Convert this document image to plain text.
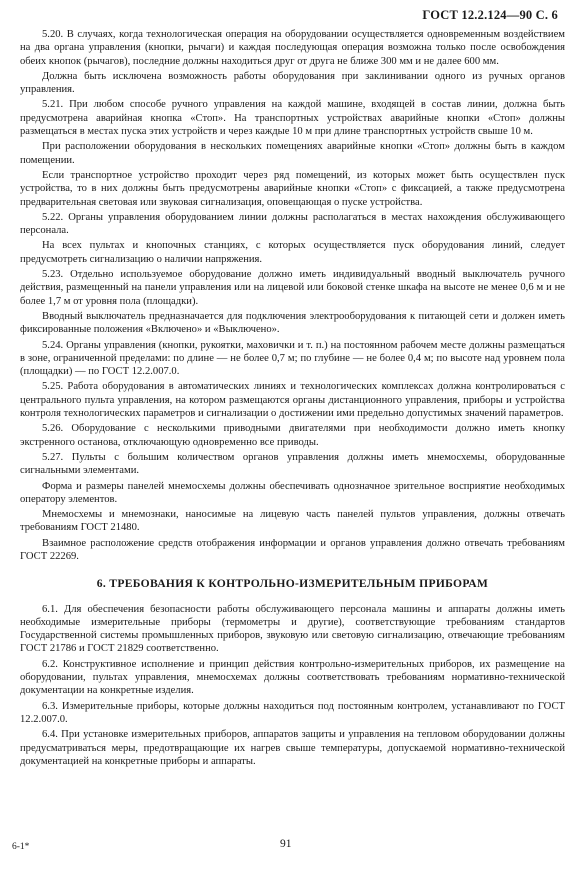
ГОСТ 12.2.124—90 С. 6

5.20. В случаях, когда технологическая операция на оборудовании осуществляется одновременным воздействием на два органа управления (кнопки, рычаги) и каждая последующая операция возможна только после освобождения обеих кнопок (рычагов), последние должны находиться друг от друга не ближе 300 мм и не далее 600 мм.

Должна быть исключена возможность работы оборудования при заклинивании одного из ручных органов управления.

5.21. При любом способе ручного управления на каждой машине, входящей в состав линии, должна быть предусмотрена аварийная кнопка «Стоп». На транспортных устройствах аварийные кнопки «Стоп» должны размещаться в местах пуска этих устройств и через каждые 10 м при длине транспортных устройств свыше 10 м.

При расположении оборудования в нескольких помещениях аварийные кнопки «Стоп» должны быть в каждом помещении.

Если транспортное устройство проходит через ряд помещений, из которых может быть осуществлен пуск устройства, то в них должны быть предусмотрены аварийные кнопки «Стоп» с фиксацией, а также предусмотрена предварительная световая или звуковая сигнализация, оповещающая о пуске устройства.

5.22. Органы управления оборудованием линии должны располагаться в местах нахождения обслуживающего персонала.

На всех пультах и кнопочных станциях, с которых осуществляется пуск оборудования линий, следует предусмотреть сигнализацию о наличии напряжения.

5.23. Отдельно используемое оборудование должно иметь индивидуальный вводный выключатель ручного действия, размещенный на панели управления или на лицевой или боковой стенке шкафа на высоте не менее 0,6 м и не более 1,7 м от уровня пола (площадки).

Вводный выключатель предназначается для подключения электрооборудования к питающей сети и должен иметь фиксированные положения «Включено» и «Выключено».

5.24. Органы управления (кнопки, рукоятки, маховички и т. п.) на постоянном рабочем месте должны размещаться в зоне, ограниченной пределами: по длине — не более 0,7 м; по глубине — не более 0,4 м; по высоте над уровнем пола (площадки) — по ГОСТ 12.2.007.0.

5.25. Работа оборудования в автоматических линиях и технологических комплексах должна контролироваться с центрального пульта управления, на котором размещаются органы дистанционного управления, приборы и устройства контроля технологических параметров и сигнализации о достижении ими предельно допустимых значений параметров.

5.26. Оборудование с несколькими приводными двигателями при необходимости должно иметь кнопку экстренного останова, отключающую одновременно все приводы.

5.27. Пульты с большим количеством органов управления должны иметь мнемосхемы, оборудованные сигнальными элементами.

Форма и размеры панелей мнемосхемы должны обеспечивать однозначное зрительное восприятие необходимых оператору элементов.

Мнемосхемы и мнемознаки, наносимые на лицевую часть панелей пультов управления, должны отвечать требованиям ГОСТ 21480.

Взаимное расположение средств отображения информации и органов управления должно отвечать требованиям ГОСТ 22269.

6. ТРЕБОВАНИЯ К КОНТРОЛЬНО-ИЗМЕРИТЕЛЬНЫМ ПРИБОРАМ

6.1. Для обеспечения безопасности работы обслуживающего персонала машины и аппараты должны иметь необходимые измерительные приборы (термометры и другие), соответствующие требованиям стандартов Государственной системы промышленных приборов, звуковую или световую сигнализацию, отвечающие требованиям ГОСТ 21786 и ГОСТ 21829 соответственно.

6.2. Конструктивное исполнение и принцип действия контрольно-измерительных приборов, их размещение на оборудовании, пультах управления, мнемосхемах должны соответствовать требованиям нормативно-технической документации на конкретные изделия.

6.3. Измерительные приборы, которые должны находиться под постоянным контролем, устанавливают по ГОСТ 12.2.007.0.

6.4. При установке измерительных приборов, аппаратов защиты и управления на тепловом оборудовании должны предусматриваться меры, предотвращающие их нагрев свыше температуры, допускаемой нормативно-технической документацией на конкретные приборы и аппараты.

6-1*	91
